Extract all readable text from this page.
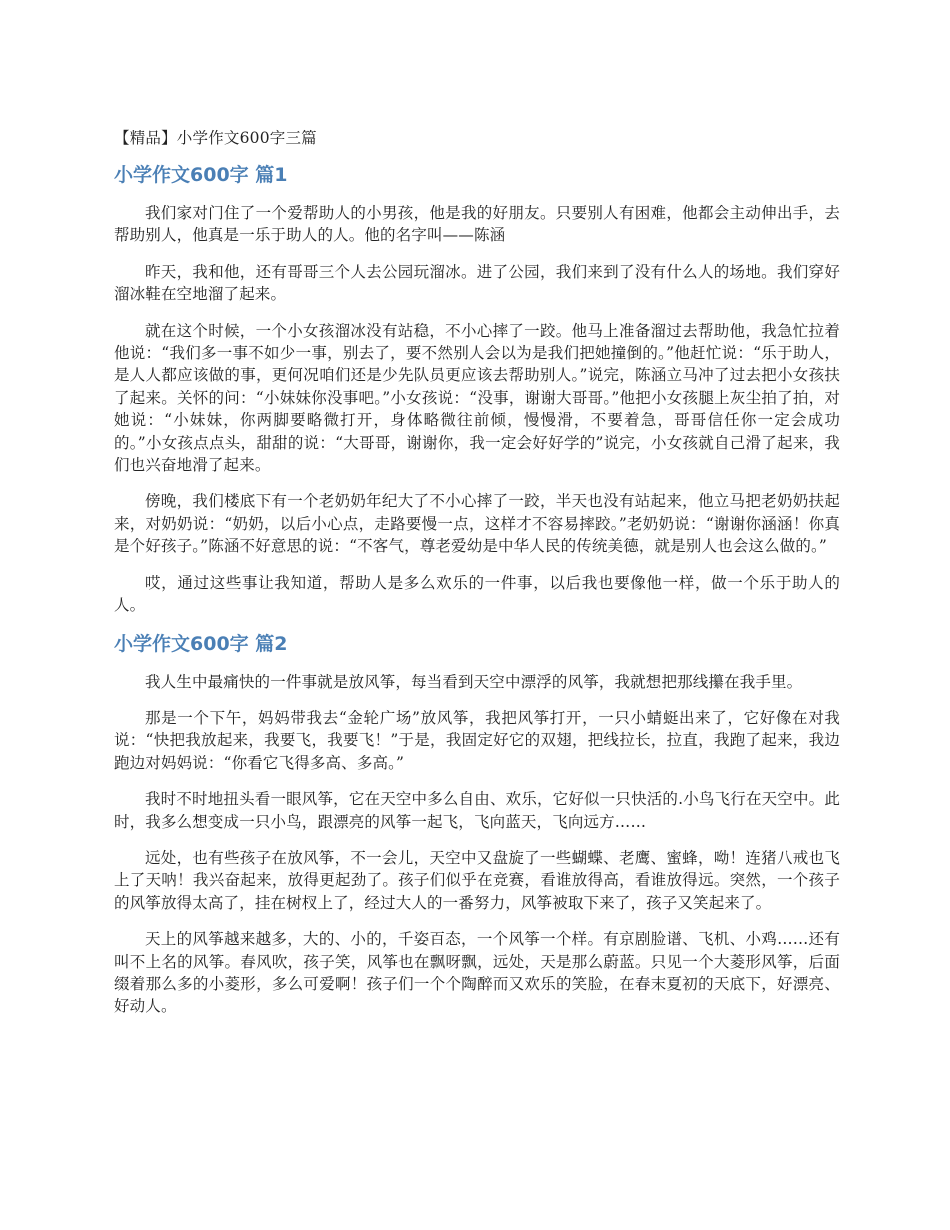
【精品】小学作文600字三篇
小学作文600字 篇1

我们家对门住了一个爱帮助人的小男孩，他是我的好朋友。只要别人有困难，他都会主动伸出手，去帮助别人，他真是一乐于助人的人。他的名字叫——陈涵

昨天，我和他，还有哥哥三个人去公园玩溜冰。进了公园，我们来到了没有什么人的场地。我们穿好溜冰鞋在空地溜了起来。

就在这个时候，一个小女孩溜冰没有站稳，不小心摔了一跤。他马上准备溜过去帮助他，我急忙拉着他说：“我们多一事不如少一事，别去了，要不然别人会以为是我们把她撞倒的。”他赶忙说：“乐于助人，是人人都应该做的事，更何况咱们还是少先队员更应该去帮助别人。”说完，陈涵立马冲了过去把小女孩扶了起来。关怀的问：“小妹妹你没事吧。”小女孩说：“没事，谢谢大哥哥。”他把小女孩腿上灰尘拍了拍，对她说：“小妹妹，你两脚要略微打开，身体略微往前倾，慢慢滑，不要着急，哥哥信任你一定会成功的。”小女孩点点头，甜甜的说：“大哥哥，谢谢你，我一定会好好学的”说完，小女孩就自己滑了起来，我们也兴奋地滑了起来。

傍晚，我们楼底下有一个老奶奶年纪大了不小心摔了一跤，半天也没有站起来，他立马把老奶奶扶起来，对奶奶说：“奶奶，以后小心点，走路要慢一点，这样才不容易摔跤。”老奶奶说：“谢谢你涵涵！你真是个好孩子。”陈涵不好意思的说：“不客气，尊老爱幼是中华人民的传统美德，就是别人也会这么做的。”

哎，通过这些事让我知道，帮助人是多么欢乐的一件事，以后我也要像他一样，做一个乐于助人的人。

小学作文600字 篇2

我人生中最痛快的一件事就是放风筝，每当看到天空中漂浮的风筝，我就想把那线攥在我手里。

那是一个下午，妈妈带我去“金轮广场”放风筝，我把风筝打开，一只小蜻蜓出来了，它好像在对我说：“快把我放起来，我要飞，我要飞！”于是，我固定好它的双翅，把线拉长，拉直，我跑了起来，我边跑边对妈妈说：“你看它飞得多高、多高。”

我时不时地扭头看一眼风筝，它在天空中多么自由、欢乐，它好似一只快活的.小鸟飞行在天空中。此时，我多么想变成一只小鸟，跟漂亮的风筝一起飞，飞向蓝天，飞向远方……

远处，也有些孩子在放风筝，不一会儿，天空中又盘旋了一些蝴蝶、老鹰、蜜蜂，呦！连猪八戒也飞上了天呐！我兴奋起来，放得更起劲了。孩子们似乎在竞赛，看谁放得高，看谁放得远。突然，一个孩子的风筝放得太高了，挂在树杈上了，经过大人的一番努力，风筝被取下来了，孩子又笑起来了。

天上的风筝越来越多，大的、小的，千姿百态，一个风筝一个样。有京剧脸谱、飞机、小鸡……还有叫不上名的风筝。春风吹，孩子笑，风筝也在飘呀飘，远处，天是那么蔚蓝。只见一个大菱形风筝，后面缀着那么多的小菱形，多么可爱啊！孩子们一个个陶醉而又欢乐的笑脸，在春末夏初的天底下，好漂亮、好动人。
